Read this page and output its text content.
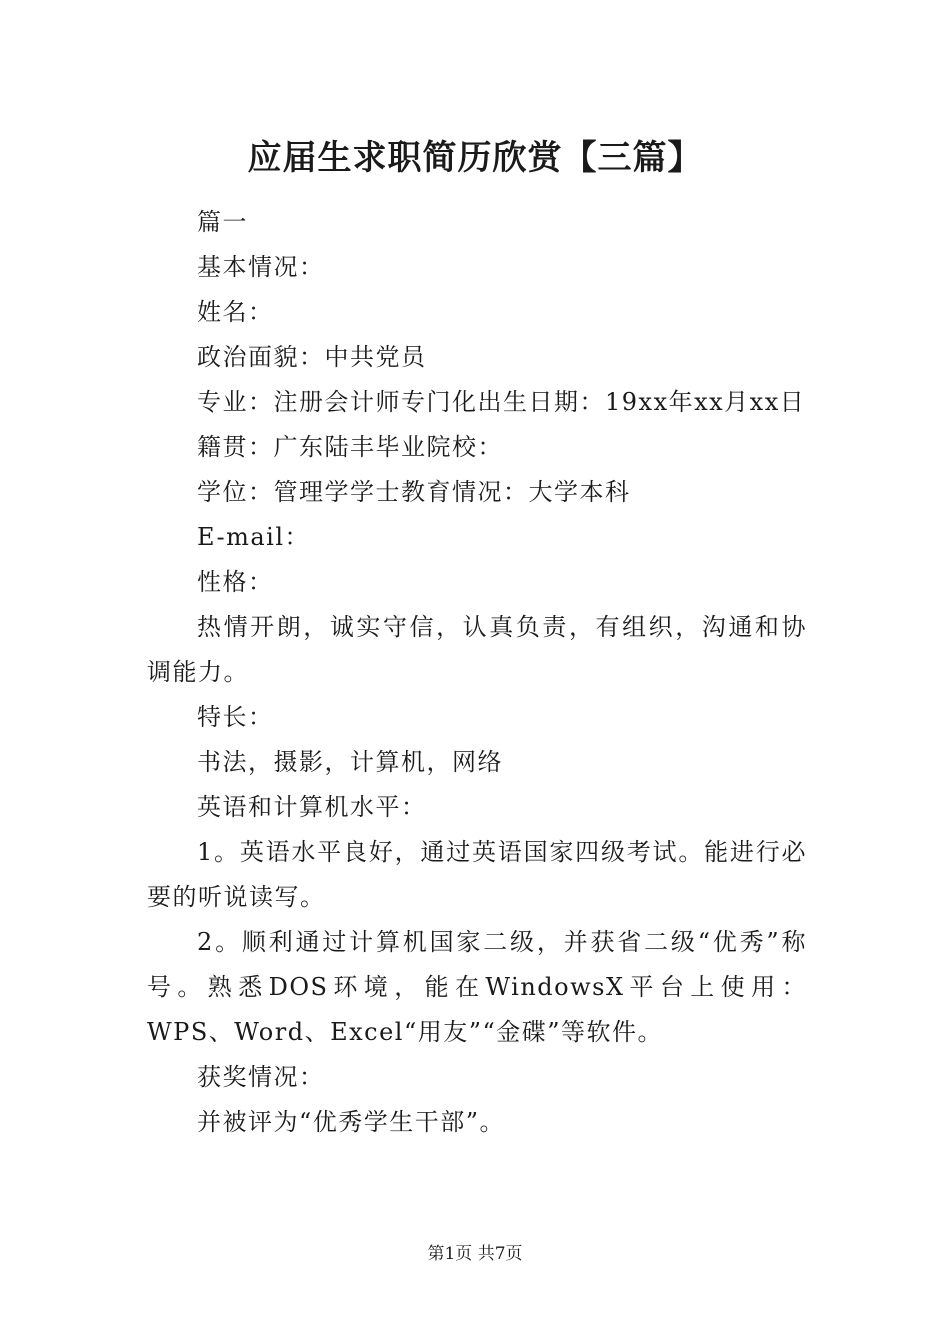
应届生求职简历欣赏【三篇】

篇一

基本情况：

姓名：

政治面貌：中共党员

专业：注册会计师专门化出生日期：19xx年xx月xx日

籍贯：广东陆丰毕业院校：

学位：管理学学士教育情况：大学本科

E-mail：

性格：

热情开朗，诚实守信，认真负责，有组织，沟通和协调能力。

特长：

书法，摄影，计算机，网络

英语和计算机水平：

1。英语水平良好，通过英语国家四级考试。能进行必要的听说读写。

2。顺利通过计算机国家二级，并获省二级“优秀”称号。熟悉DOS环境，能在WindowsX平台上使用：WPS、Word、Excel“用友”“金碟”等软件。

获奖情况：

并被评为“优秀学生干部”。

第1页 共7页
